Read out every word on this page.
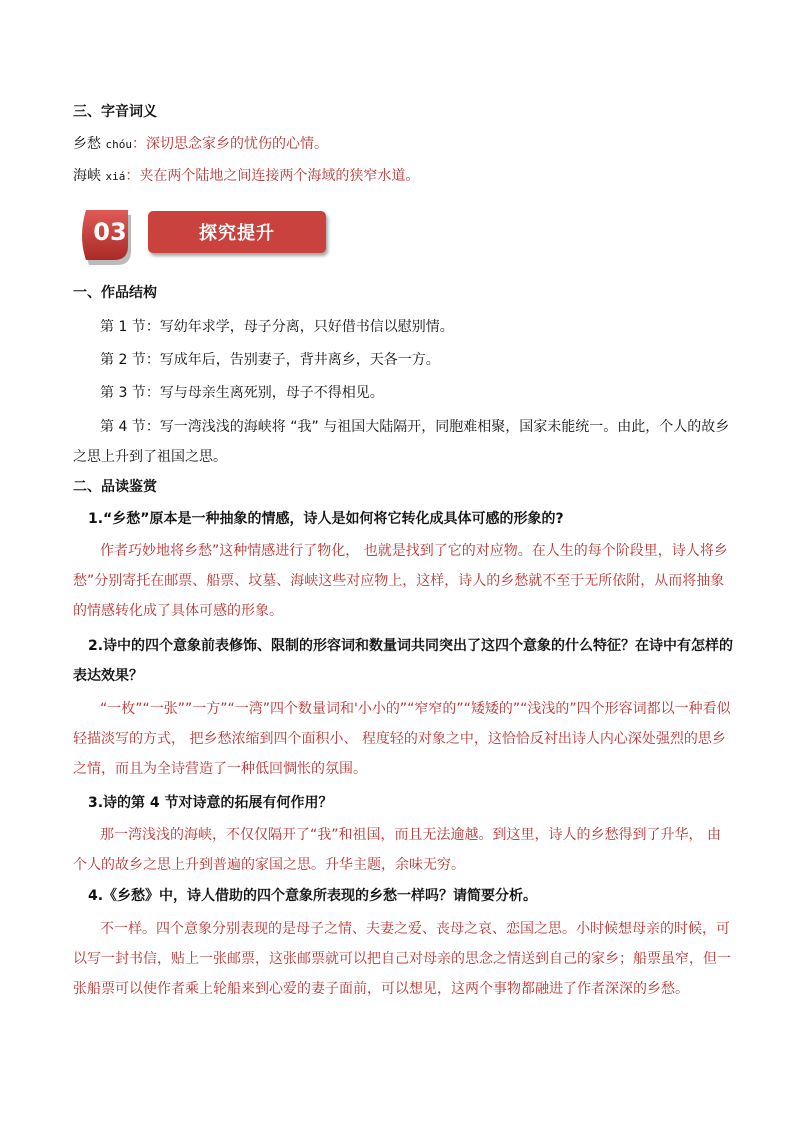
三、字音词义
乡愁 chóu：深切思念家乡的忧伤的心情。
海峡 xiá：夹在两个陆地之间连接两个海域的狭窄水道。
03	探究提升
一、作品结构
第 1 节：写幼年求学，母子分离，只好借书信以慰别情。
第 2 节：写成年后，告别妻子，背井离乡，天各一方。
第 3 节：写与母亲生离死别，母子不得相见。
第 4 节：写一湾浅浅的海峡将 “我” 与祖国大陆隔开，同胞难相聚，国家未能统一。由此，个人的故乡之思上升到了祖国之思。
二、品读鉴赏
1.“乡愁”原本是一种抽象的情感，诗人是如何将它转化成具体可感的形象的?
作者巧妙地将乡愁”这种情感进行了物化， 也就是找到了它的对应物。在人生的每个阶段里，诗人将乡愁”分别寄托在邮票、船票、坟墓、海峡这些对应物上，这样，诗人的乡愁就不至于无所依附，从而将抽象的情感转化成了具体可感的形象。
2.诗中的四个意象前表修饰、限制的形容词和数量词共同突出了这四个意象的什么特征？在诗中有怎样的表达效果？
“一枚”“一张””一方”“一湾”四个数量词和'小小的”“窄窄的”“矮矮的”“浅浅的”四个形容词都以一种看似轻描淡写的方式， 把乡愁浓缩到四个面积小、 程度轻的对象之中，这恰恰反衬出诗人内心深处强烈的思乡之情，而且为全诗营造了一种低回惆怅的氛围。
3.诗的第 4 节对诗意的拓展有何作用？
那一湾浅浅的海峡，不仅仅隔开了“我”和祖国，而且无法逾越。到这里，诗人的乡愁得到了升华， 由个人的故乡之思上升到普遍的家国之思。升华主题，余味无穷。
4.《乡愁》中，诗人借助的四个意象所表现的乡愁一样吗？请简要分析。
不一样。四个意象分别表现的是母子之情、夫妻之爱、丧母之哀、恋国之思。小时候想母亲的时候，可以写一封书信，贴上一张邮票，这张邮票就可以把自己对母亲的思念之情送到自己的家乡；船票虽窄，但一张船票可以使作者乘上轮船来到心爱的妻子面前，可以想见，这两个事物都融进了作者深深的乡愁。
